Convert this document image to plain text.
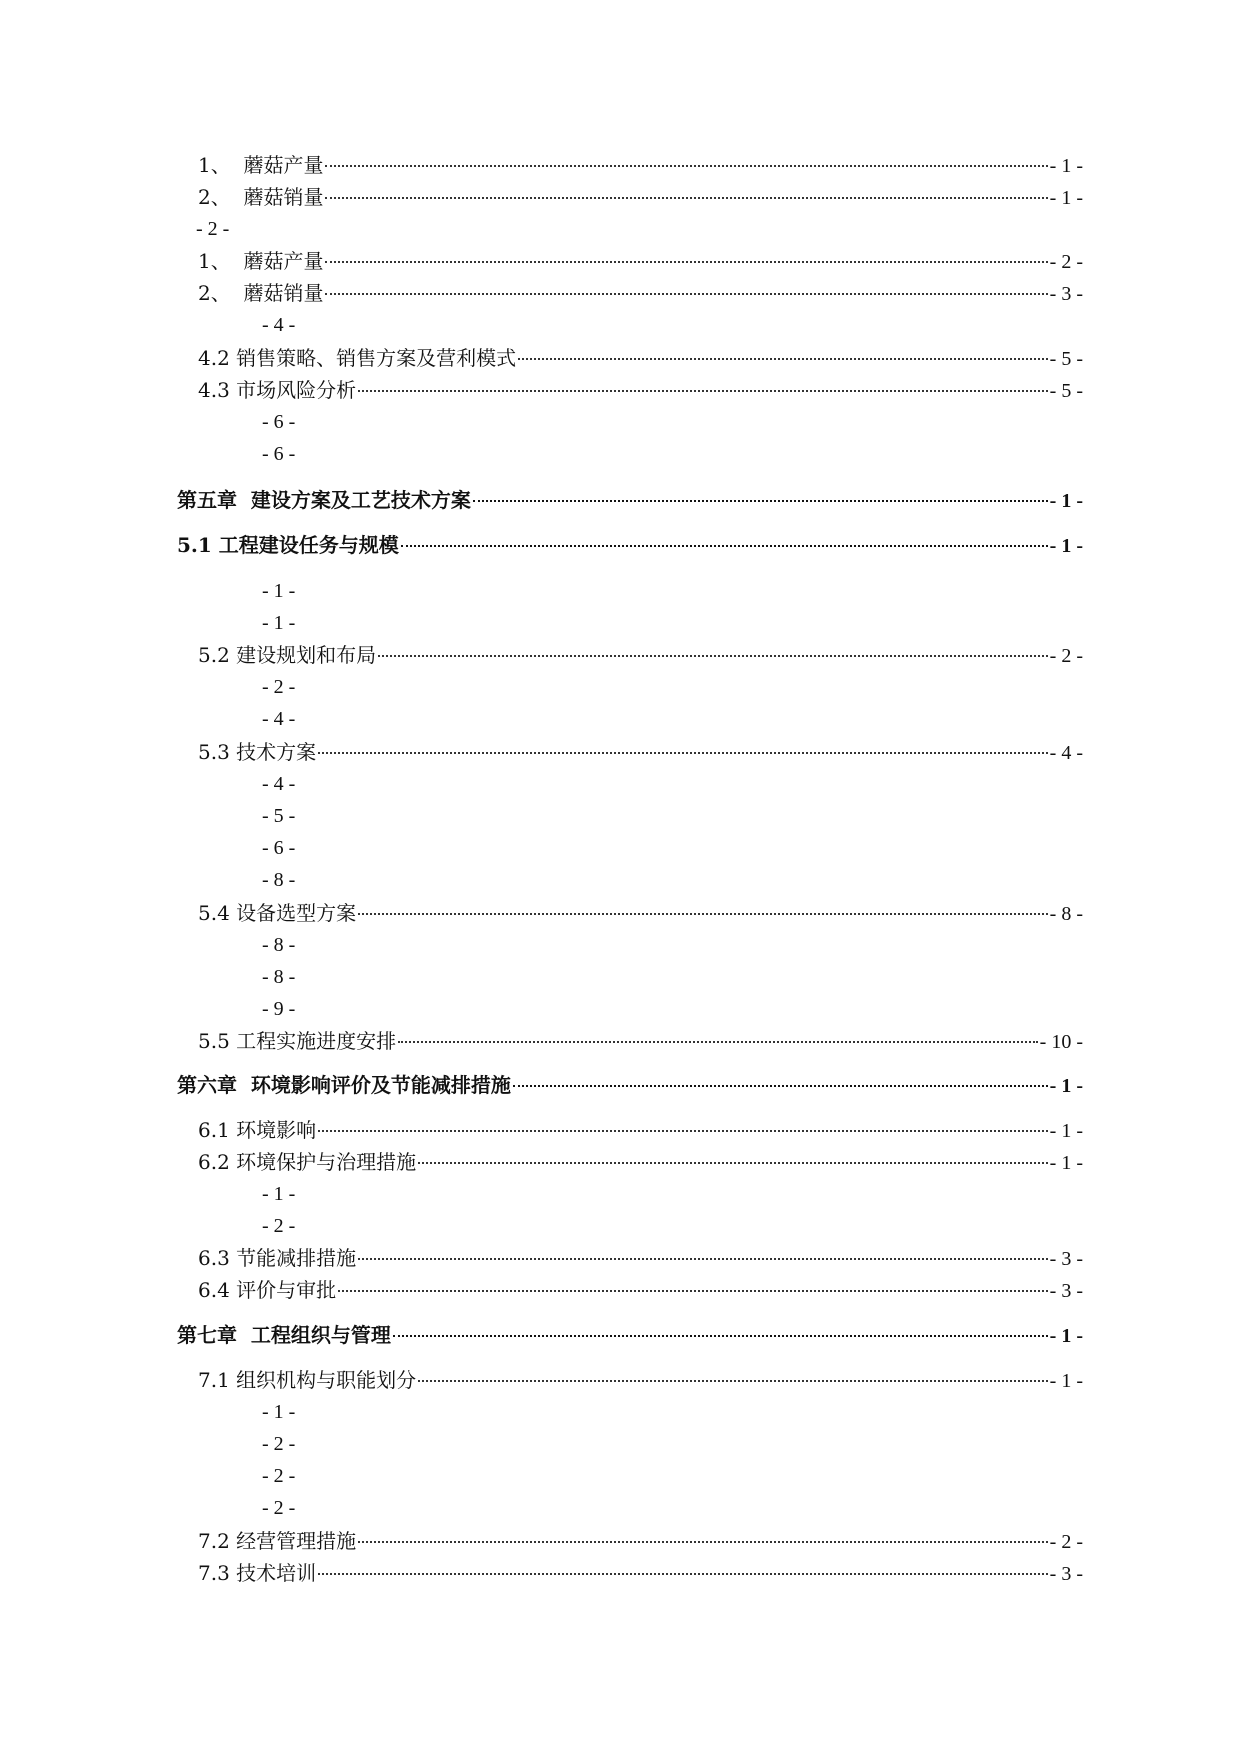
1、  蘑菇产量	- 1 -
2、  蘑菇销量	- 1 -
- 2 -
1、  蘑菇产量	- 2 -
2、  蘑菇销量	- 3 -
- 4 -
4.2 销售策略、销售方案及营利模式	- 5 -
4.3 市场风险分析	- 5 -
- 6 -
- 6 -
第五章  建设方案及工艺技术方案	- 1 -
5.1 工程建设任务与规模	- 1 -
- 1 -
- 1 -
5.2 建设规划和布局	- 2 -
- 2 -
- 4 -
5.3 技术方案	- 4 -
- 4 -
- 5 -
- 6 -
- 8 -
5.4 设备选型方案	- 8 -
- 8 -
- 8 -
- 9 -
5.5 工程实施进度安排	- 10 -
第六章  环境影响评价及节能减排措施	- 1 -
6.1 环境影响	- 1 -
6.2 环境保护与治理措施	- 1 -
- 1 -
- 2 -
6.3 节能减排措施	- 3 -
6.4 评价与审批	- 3 -
第七章  工程组织与管理	- 1 -
7.1 组织机构与职能划分	- 1 -
- 1 -
- 2 -
- 2 -
- 2 -
7.2 经营管理措施	- 2 -
7.3 技术培训	- 3 -
